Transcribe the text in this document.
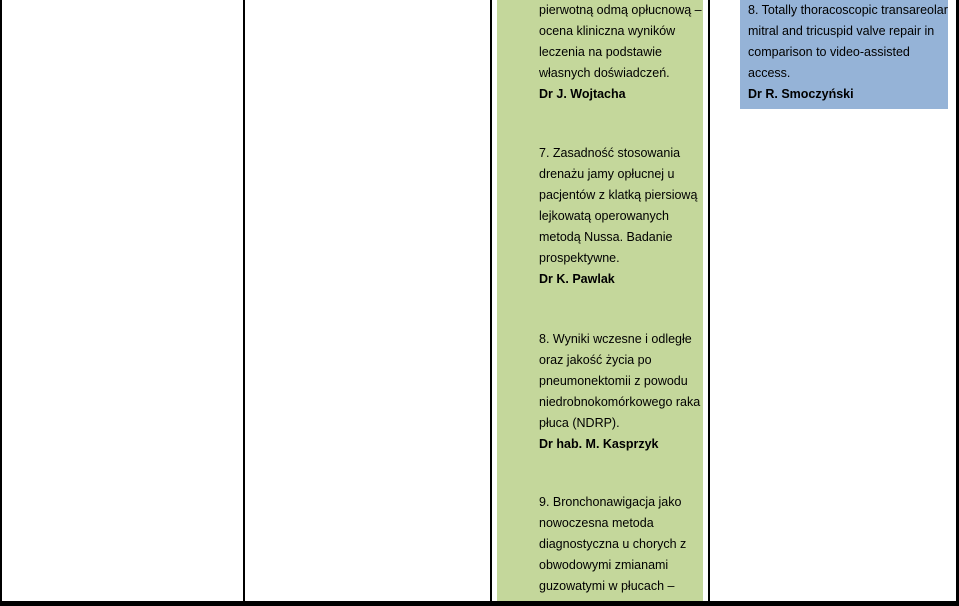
pierwotną odmą opłucnową –
ocena kliniczna wyników
leczenia na podstawie
własnych doświadczeń.
Dr J. Wojtacha
7. Zasadność stosowania
drenażu jamy opłucnej u
pacjentów z klatką piersiową
lejkowatą operowanych
metodą Nussa. Badanie
prospektywne.
Dr K. Pawlak
8. Wyniki wczesne i odległe
oraz jakość życia po
pneumonektomii z powodu
niedrobnokomórkowego raka
płuca (NDRP).
Dr hab. M. Kasprzyk
9. Bronchonawigacja jako
nowoczesna metoda
diagnostyczna u chorych z
obwodowymi zmianami
guzowatymi w płucach –
8. Totally thoracoscopic transareolar
mitral and tricuspid valve repair in
comparison to video-assisted
access.
Dr R. Smoczyński
